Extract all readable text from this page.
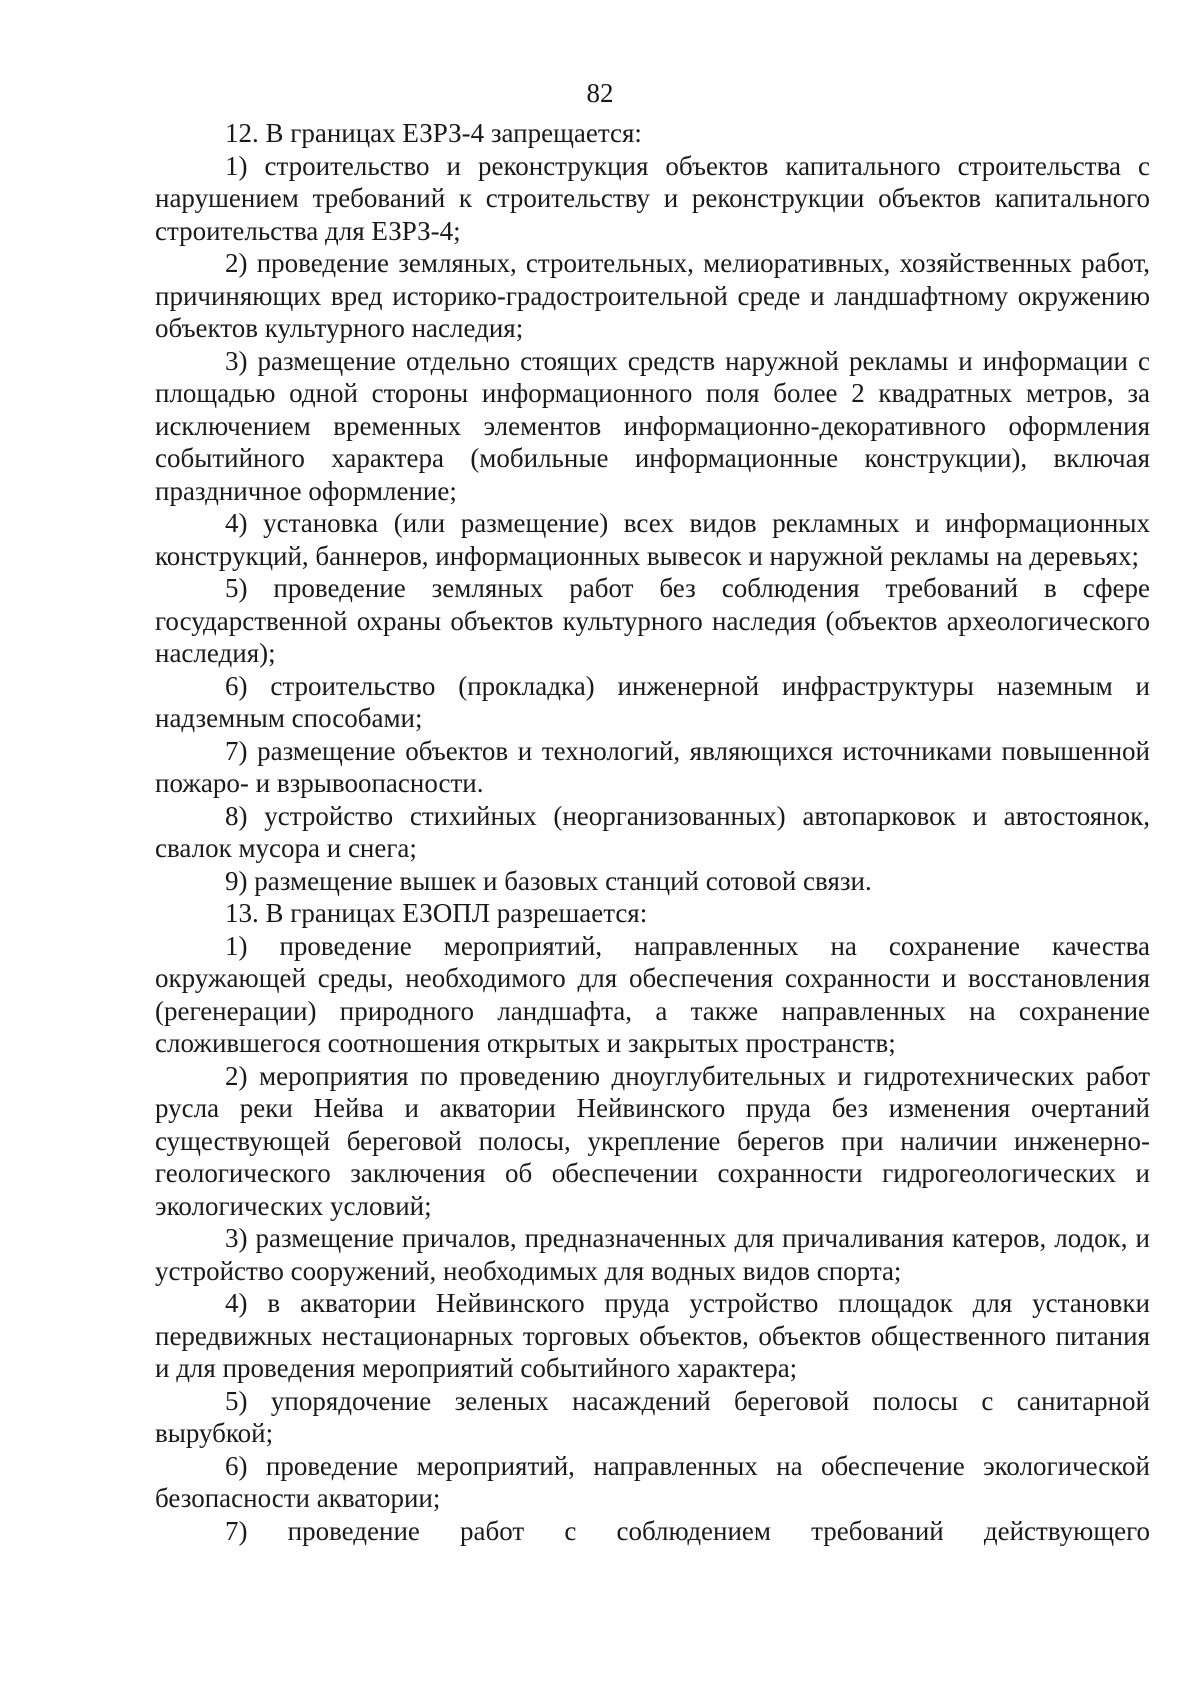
82

12. В границах ЕЗРЗ-4 запрещается:

1) строительство и реконструкция объектов капитального строительства с нарушением требований к строительству и реконструкции объектов капитального строительства для ЕЗРЗ-4;

2) проведение земляных, строительных, мелиоративных, хозяйственных работ, причиняющих вред историко-градостроительной среде и ландшафтному окружению объектов культурного наследия;

3) размещение отдельно стоящих средств наружной рекламы и информации с площадью одной стороны информационного поля более 2 квадратных метров, за исключением временных элементов информационно-декоративного оформления событийного характера (мобильные информационные конструкции), включая праздничное оформление;

4) установка (или размещение) всех видов рекламных и информационных конструкций, баннеров, информационных вывесок и наружной рекламы на деревьях;

5) проведение земляных работ без соблюдения требований в сфере государственной охраны объектов культурного наследия (объектов археологического наследия);

6) строительство (прокладка) инженерной инфраструктуры наземным и надземным способами;

7) размещение объектов и технологий, являющихся источниками повышенной пожаро- и взрывоопасности.

8) устройство стихийных (неорганизованных) автопарковок и автостоянок, свалок мусора и снега;

9) размещение вышек и базовых станций сотовой связи.

13. В границах ЕЗОПЛ разрешается:

1) проведение мероприятий, направленных на сохранение качества окружающей среды, необходимого для обеспечения сохранности и восстановления (регенерации) природного ландшафта, а также направленных на сохранение сложившегося соотношения открытых и закрытых пространств;

2) мероприятия по проведению дноуглубительных и гидротехнических работ русла реки Нейва и акватории Нейвинского пруда без изменения очертаний существующей береговой полосы, укрепление берегов при наличии инженерно-геологического заключения об обеспечении сохранности гидрогеологических и экологических условий;

3) размещение причалов, предназначенных для причаливания катеров, лодок, и устройство сооружений, необходимых для водных видов спорта;

4) в акватории Нейвинского пруда устройство площадок для установки передвижных нестационарных торговых объектов, объектов общественного питания и для проведения мероприятий событийного характера;

5) упорядочение зеленых насаждений береговой полосы с санитарной вырубкой;

6) проведение мероприятий, направленных на обеспечение экологической безопасности акватории;

7) проведение работ с соблюдением требований действующего
